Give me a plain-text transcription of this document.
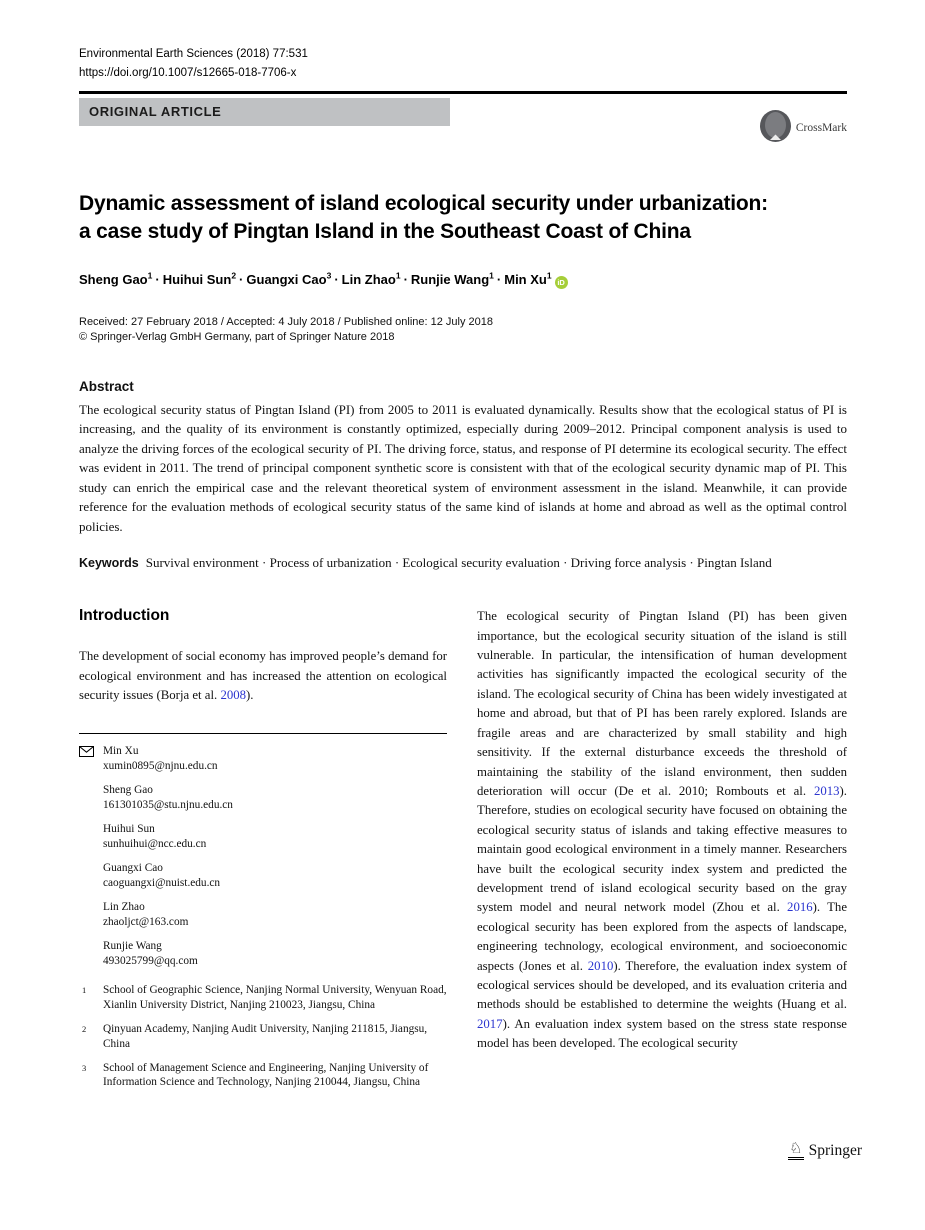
Environmental Earth Sciences (2018) 77:531
https://doi.org/10.1007/s12665-018-7706-x
ORIGINAL ARTICLE
CrossMark
Dynamic assessment of island ecological security under urbanization:
a case study of Pingtan Island in the Southeast Coast of China
Sheng Gao$^1$ · Huihui Sun$^2$ · Guangxi Cao$^3$ · Lin Zhao$^1$ · Runjie Wang$^1$ · Min Xu$^1$iD
Received: 27 February 2018 / Accepted: 4 July 2018 / Published online: 12 July 2018
© Springer-Verlag GmbH Germany, part of Springer Nature 2018
Abstract

The ecological security status of Pingtan Island (PI) from 2005 to 2011 is evaluated dynamically. Results show that the ecological status of PI is increasing, and the quality of its environment is constantly optimized, especially during 2009–2012. Principal component analysis is used to analyze the driving forces of the ecological security of PI. The driving force, status, and response of PI determine its ecological security. The effect was evident in 2011. The trend of principal component synthetic score is consistent with that of the ecological security dynamic map of PI. This study can enrich the empirical case and the relevant theoretical system of environment assessment in the island. Meanwhile, it can provide reference for the evaluation methods of ecological security status of the same kind of islands at home and abroad as well as the optimal control policies.

Keywords Survival environment · Process of urbanization · Ecological security evaluation · Driving force analysis · Pingtan Island

Introduction

The development of social economy has improved people’s demand for ecological environment and has increased the attention on ecological security issues (Borja et al. 2008).

Min Xu
xumin0895@njnu.edu.cn
Sheng Gao
161301035@stu.njnu.edu.cn
Huihui Sun
sunhuihui@ncc.edu.cn
Guangxi Cao
caoguangxi@nuist.edu.cn
Lin Zhao
zhaoljct@163.com
Runjie Wang
493025799@qq.com
1 School of Geographic Science, Nanjing Normal University, Wenyuan Road, Xianlin University District, Nanjing 210023, Jiangsu, China
2 Qinyuan Academy, Nanjing Audit University, Nanjing 211815, Jiangsu, China
3 School of Management Science and Engineering, Nanjing University of Information Science and Technology, Nanjing 210044, Jiangsu, China

The ecological security of Pingtan Island (PI) has been given importance, but the ecological security situation of the island is still vulnerable. In particular, the intensification of human development activities has significantly impacted the ecological security of the island. The ecological security of China has been widely investigated at home and abroad, but that of PI has been rarely explored. Islands are fragile areas and are characterized by small stability and high sensitivity. If the external disturbance exceeds the threshold of maintaining the stability of the island environment, then sudden deterioration will occur (De et al. 2010; Rombouts et al. 2013). Therefore, studies on ecological security have focused on obtaining the ecological security status of islands and taking effective measures to maintain good ecological environment in a timely manner. Researchers have built the ecological security index system and predicted the development trend of island ecological security based on the gray system model and neural network model (Zhou et al. 2016). The ecological security has been explored from the aspects of landscape, engineering technology, ecological environment, and socioeconomic aspects (Jones et al. 2010). Therefore, the evaluation index system of ecological services should be developed, and its evaluation criteria and methods should be established to determine the weights (Huang et al. 2017). An evaluation index system based on the stress state response model has been developed. The ecological security

♘ Springer
